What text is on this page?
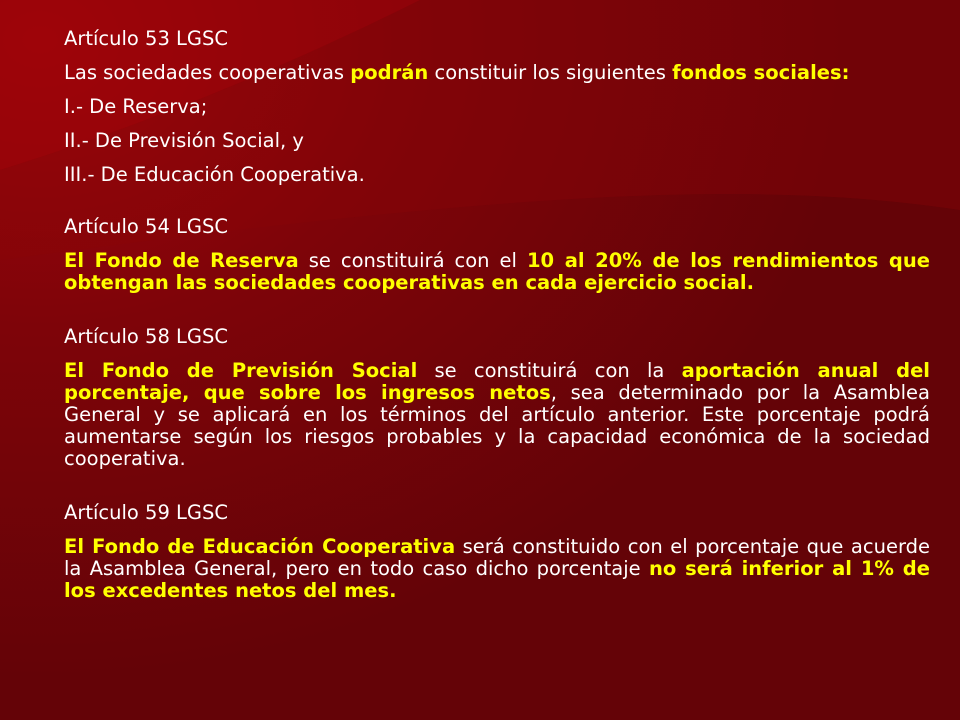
Artículo 53 LGSC

Las sociedades cooperativas podrán constituir los siguientes fondos sociales:

I.- De Reserva;
II.- De Previsión Social, y
III.- De Educación Cooperativa.
Artículo 54 LGSC

El Fondo de Reserva se constituirá con el 10 al 20% de los rendimientos que obtengan las sociedades cooperativas en cada ejercicio social.

Artículo 58 LGSC

El Fondo de Previsión Social se constituirá con la aportación anual del porcentaje, que sobre los ingresos netos, sea determinado por la Asamblea General y se aplicará en los términos del artículo anterior. Este porcentaje podrá aumentarse según los riesgos probables y la capacidad económica de la sociedad cooperativa.

Artículo 59 LGSC

El Fondo de Educación Cooperativa será constituido con el porcentaje que acuerde la Asamblea General, pero en todo caso dicho porcentaje no será inferior al 1% de los excedentes netos del mes.
